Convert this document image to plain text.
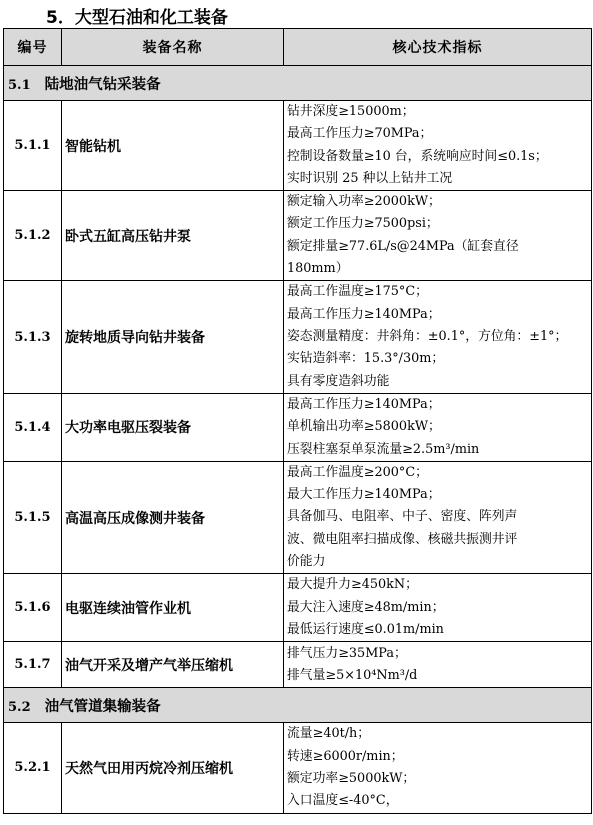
5．大型石油和化工装备
编号	装备名称	核心技术指标
5.1 陆地油气钻采装备		
5.1.1	智能钻机	钻井深度≥15000m；
最高工作压力≥70MPa；
控制设备数量≥10 台，系统响应时间≤0.1s；
实时识别 25 种以上钻井工况

5.1.2	卧式五缸高压钻井泵	额定输入功率≥2000kW；
额定工作压力≥7500psi；
额定排量≥77.6L/s@24MPa（缸套直径
180mm）

5.1.3	旋转地质导向钻井装备	最高工作温度≥175°C；
最高工作压力≥140MPa；
姿态测量精度：井斜角：±0.1°，方位角：±1°；
实钻造斜率：15.3°/30m；
具有零度造斜功能

5.1.4	大功率电驱压裂装备	最高工作压力≥140MPa；
单机输出功率≥5800kW；
压裂柱塞泵单泵流量≥2.5m³/min

5.1.5	高温高压成像测井装备	最高工作温度≥200°C；
最大工作压力≥140MPa；
具备伽马、电阻率、中子、密度、阵列声
波、微电阻率扫描成像、核磁共振测井评
价能力

5.1.6	电驱连续油管作业机	最大提升力≥450kN；
最大注入速度≥48m/min；
最低运行速度≤0.01m/min

5.1.7	油气开采及增产气举压缩机	排气压力≥35MPa；
排气量≥5×10⁴Nm³/d

5.2 油气管道集输装备		
5.2.1	天然气田用丙烷冷剂压缩机	流量≥40t/h；
转速≥6000r/min；
额定功率≥5000kW；
入口温度≤-40°C，
